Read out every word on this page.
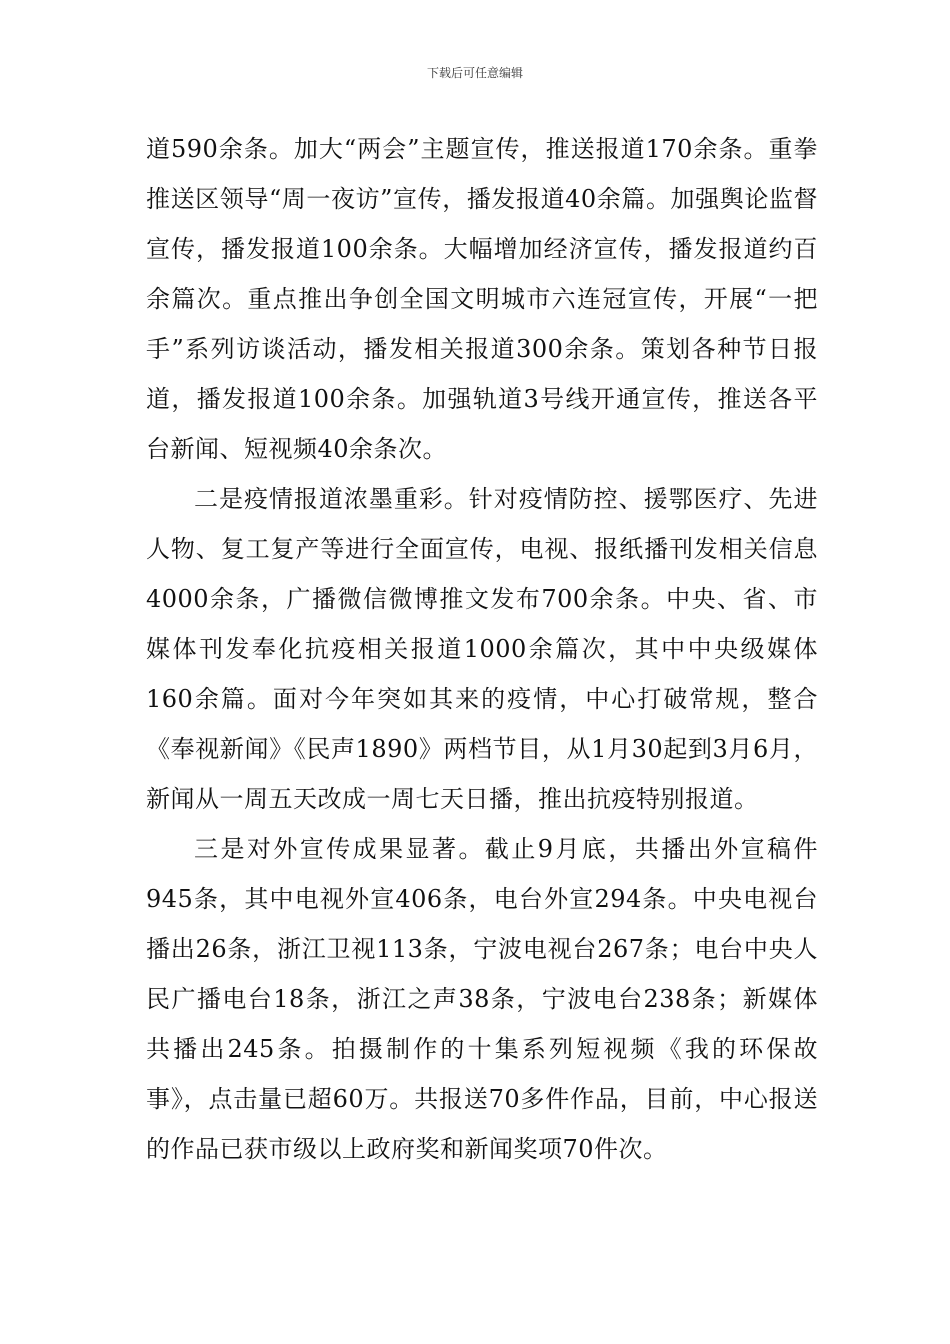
下载后可任意编辑

道590余条。加大“两会”主题宣传，推送报道170余条。重拳推送区领导“周一夜访”宣传，播发报道40余篇。加强舆论监督宣传，播发报道100余条。大幅增加经济宣传，播发报道约百余篇次。重点推出争创全国文明城市六连冠宣传，开展“一把手”系列访谈活动，播发相关报道300余条。策划各种节日报道，播发报道100余条。加强轨道3号线开通宣传，推送各平台新闻、短视频40余条次。

二是疫情报道浓墨重彩。针对疫情防控、援鄂医疗、先进人物、复工复产等进行全面宣传，电视、报纸播刊发相关信息4000余条，广播微信微博推文发布700余条。中央、省、市媒体刊发奉化抗疫相关报道1000余篇次，其中中央级媒体160余篇。面对今年突如其来的疫情，中心打破常规，整合《奉视新闻》《民声1890》两档节目，从1月30起到3月6月，新闻从一周五天改成一周七天日播，推出抗疫特别报道。

三是对外宣传成果显著。截止9月底，共播出外宣稿件945条，其中电视外宣406条，电台外宣294条。中央电视台播出26条，浙江卫视113条，宁波电视台267条；电台中央人民广播电台18条，浙江之声38条，宁波电台238条；新媒体共播出245条。拍摄制作的十集系列短视频《我的环保故事》，点击量已超60万。共报送70多件作品，目前，中心报送的作品已获市级以上政府奖和新闻奖项70件次。
